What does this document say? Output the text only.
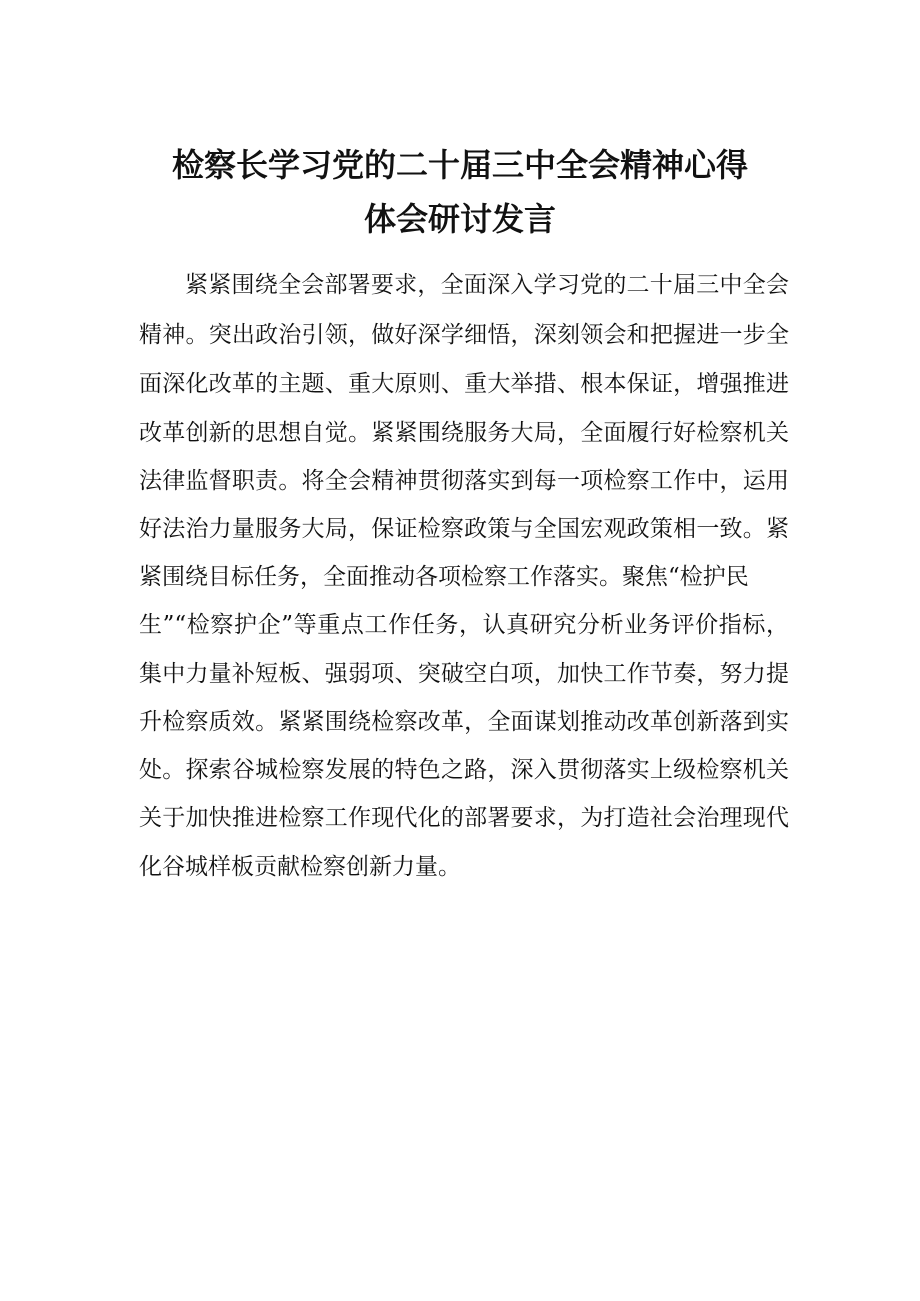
检察长学习党的二十届三中全会精神心得
体会研讨发言
紧紧围绕全会部署要求，全面深入学习党的二十届三中全会
精神。突出政治引领，做好深学细悟，深刻领会和把握进一步全
面深化改革的主题、重大原则、重大举措、根本保证，增强推进
改革创新的思想自觉。紧紧围绕服务大局，全面履行好检察机关
法律监督职责。将全会精神贯彻落实到每一项检察工作中，运用
好法治力量服务大局，保证检察政策与全国宏观政策相一致。紧
紧围绕目标任务，全面推动各项检察工作落实。聚焦“检护民
生”“检察护企”等重点工作任务，认真研究分析业务评价指标，
集中力量补短板、强弱项、突破空白项，加快工作节奏，努力提
升检察质效。紧紧围绕检察改革，全面谋划推动改革创新落到实
处。探索谷城检察发展的特色之路，深入贯彻落实上级检察机关
关于加快推进检察工作现代化的部署要求，为打造社会治理现代
化谷城样板贡献检察创新力量。
